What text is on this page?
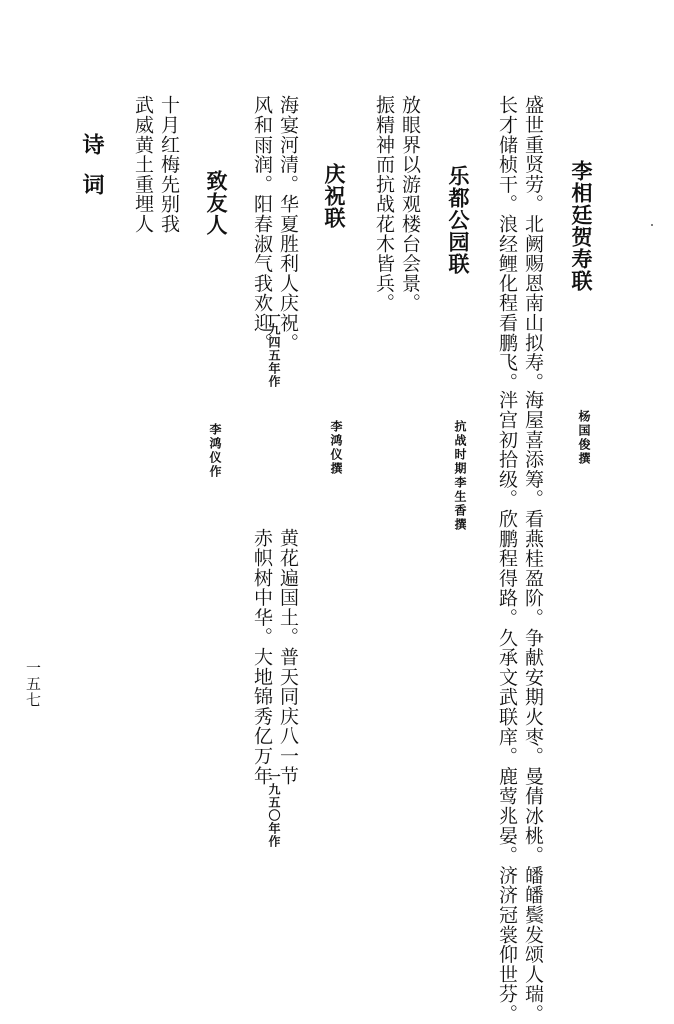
李相廷贺寿联
杨国俊撰
盛世重贤劳。北阙赐恩南山拟寿。
海屋喜添筹。看燕桂盈阶。争献安期火枣。曼倩冰桃。皤皤鬓发颂人瑞。
长才储桢干。浪经鲤化程看鹏飞。
泮宫初拾级。欣鹏程得路。久承文武联庠。鹿莺兆晏。济济冠裳仰世芬。
乐都公园联
抗战时期李生香撰
放眼界以游观楼台会景。
振精神而抗战花木皆兵。
庆祝联
李鸿仪撰
海宴河清。华夏胜利人庆祝。
黄花遍国土。普天同庆八一节
风和雨润。阳春淑气我欢迎。
一九四五年作
赤帜树中华。大地锦秀亿万年
一九五〇年作
致友人
李鸿仪作
十月红梅先别我
武威黄土重埋人
诗词
一五七
